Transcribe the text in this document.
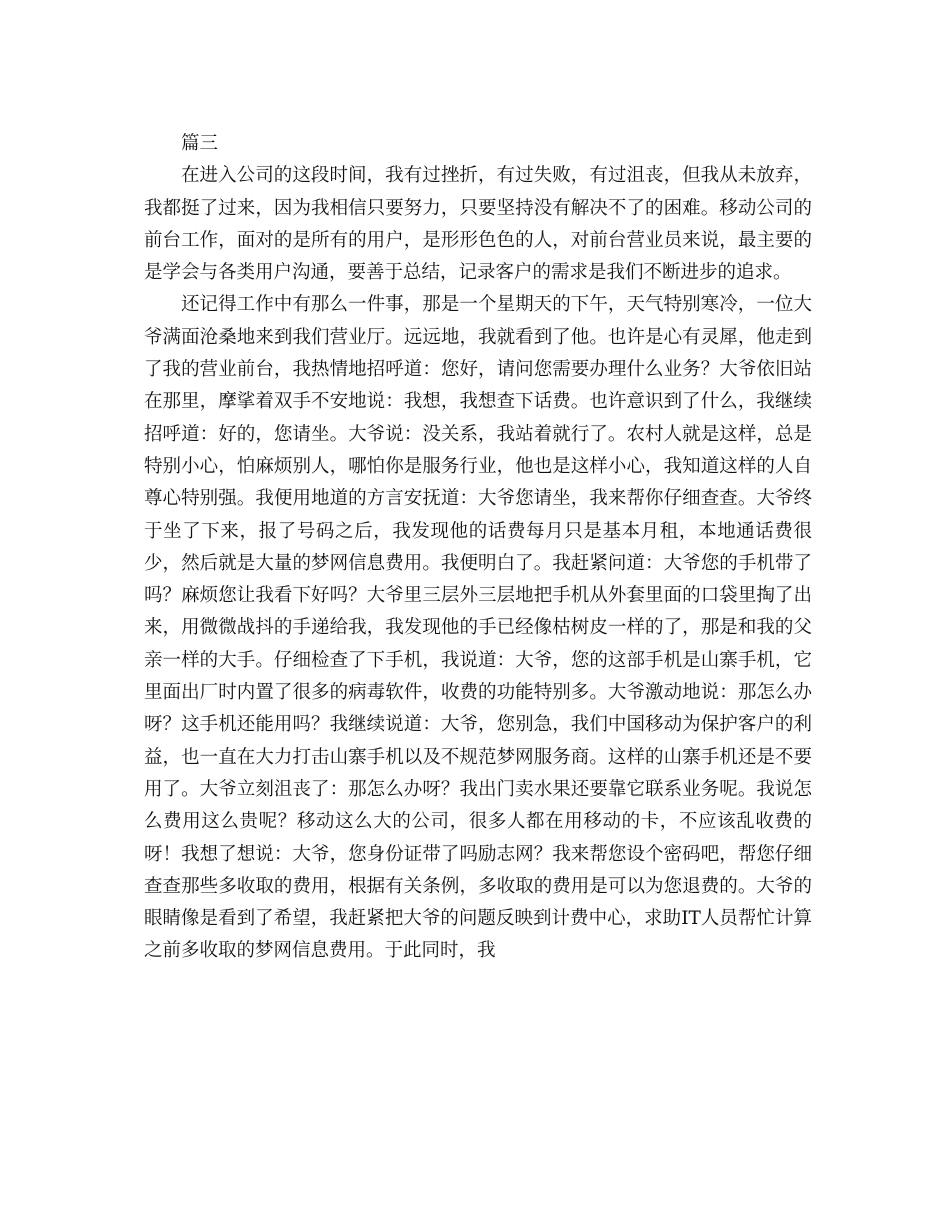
篇三

在进入公司的这段时间，我有过挫折，有过失败，有过沮丧，但我从未放弃，我都挺了过来，因为我相信只要努力，只要坚持没有解决不了的困难。移动公司的前台工作，面对的是所有的用户，是形形色色的人，对前台营业员来说，最主要的是学会与各类用户沟通，要善于总结，记录客户的需求是我们不断进步的追求。

还记得工作中有那么一件事，那是一个星期天的下午，天气特别寒冷，一位大爷满面沧桑地来到我们营业厅。远远地，我就看到了他。也许是心有灵犀，他走到了我的营业前台，我热情地招呼道：您好，请问您需要办理什么业务？大爷依旧站在那里，摩挲着双手不安地说：我想，我想查下话费。也许意识到了什么，我继续招呼道：好的，您请坐。大爷说：没关系，我站着就行了。农村人就是这样，总是特别小心，怕麻烦别人，哪怕你是服务行业，他也是这样小心，我知道这样的人自尊心特别强。我便用地道的方言安抚道：大爷您请坐，我来帮你仔细查查。大爷终于坐了下来，报了号码之后，我发现他的话费每月只是基本月租，本地通话费很少，然后就是大量的梦网信息费用。我便明白了。我赶紧问道：大爷您的手机带了吗？麻烦您让我看下好吗？大爷里三层外三层地把手机从外套里面的口袋里掏了出来，用微微战抖的手递给我，我发现他的手已经像枯树皮一样的了，那是和我的父亲一样的大手。仔细检查了下手机，我说道：大爷，您的这部手机是山寨手机，它里面出厂时内置了很多的病毒软件，收费的功能特别多。大爷激动地说：那怎么办呀？这手机还能用吗？我继续说道：大爷，您别急，我们中国移动为保护客户的利益，也一直在大力打击山寨手机以及不规范梦网服务商。这样的山寨手机还是不要用了。大爷立刻沮丧了：那怎么办呀？我出门卖水果还要靠它联系业务呢。我说怎么费用这么贵呢？移动这么大的公司，很多人都在用移动的卡，不应该乱收费的呀！我想了想说：大爷，您身份证带了吗励志网？我来帮您设个密码吧，帮您仔细查查那些多收取的费用，根据有关条例，多收取的费用是可以为您退费的。大爷的眼睛像是看到了希望，我赶紧把大爷的问题反映到计费中心，求助IT人员帮忙计算之前多收取的梦网信息费用。于此同时，我
